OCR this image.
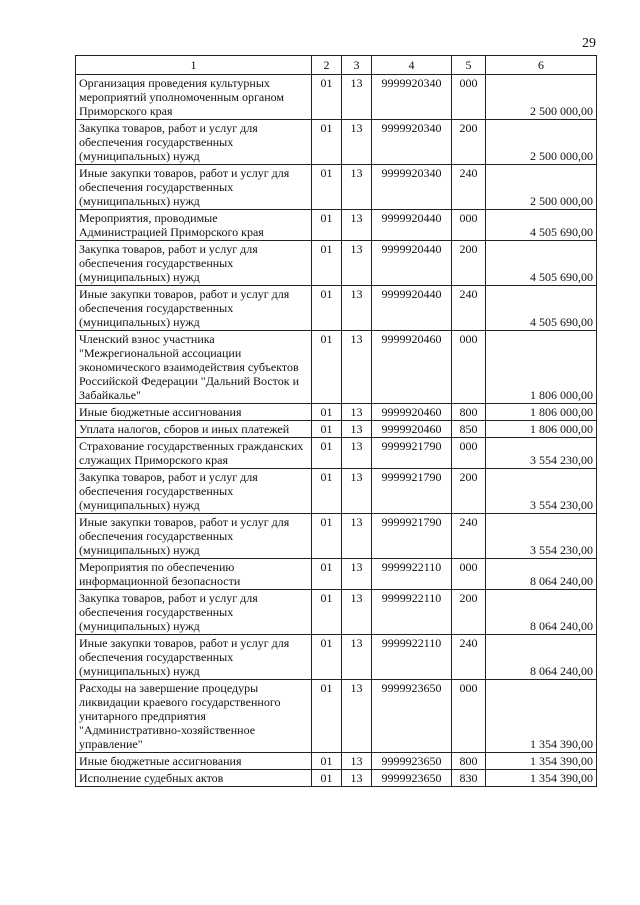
29
1	2	3	4	5	6
Организация проведения культурных мероприятий уполномоченным органом Приморского края	01	13	9999920340	000	2 500 000,00
Закупка товаров, работ и услуг для обеспечения государственных (муниципальных) нужд	01	13	9999920340	200	2 500 000,00
Иные закупки товаров, работ и услуг для обеспечения государственных (муниципальных) нужд	01	13	9999920340	240	2 500 000,00
Мероприятия, проводимые Администрацией Приморского края	01	13	9999920440	000	4 505 690,00
Закупка товаров, работ и услуг для обеспечения государственных (муниципальных) нужд	01	13	9999920440	200	4 505 690,00
Иные закупки товаров, работ и услуг для обеспечения государственных (муниципальных) нужд	01	13	9999920440	240	4 505 690,00
Членский взнос участника "Межрегиональной ассоциации экономического взаимодействия субъектов Российской Федерации "Дальний Восток и Забайкалье"	01	13	9999920460	000	1 806 000,00
Иные бюджетные ассигнования	01	13	9999920460	800	1 806 000,00
Уплата налогов, сборов и иных платежей	01	13	9999920460	850	1 806 000,00
Страхование государственных гражданских служащих Приморского края	01	13	9999921790	000	3 554 230,00
Закупка товаров, работ и услуг для обеспечения государственных (муниципальных) нужд	01	13	9999921790	200	3 554 230,00
Иные закупки товаров, работ и услуг для обеспечения государственных (муниципальных) нужд	01	13	9999921790	240	3 554 230,00
Мероприятия по обеспечению информационной безопасности	01	13	9999922110	000	8 064 240,00
Закупка товаров, работ и услуг для обеспечения государственных (муниципальных) нужд	01	13	9999922110	200	8 064 240,00
Иные закупки товаров, работ и услуг для обеспечения государственных (муниципальных) нужд	01	13	9999922110	240	8 064 240,00
Расходы на завершение процедуры ликвидации краевого государственного унитарного предприятия "Административно-хозяйственное управление"	01	13	9999923650	000	1 354 390,00
Иные бюджетные ассигнования	01	13	9999923650	800	1 354 390,00
Исполнение судебных актов	01	13	9999923650	830	1 354 390,00
